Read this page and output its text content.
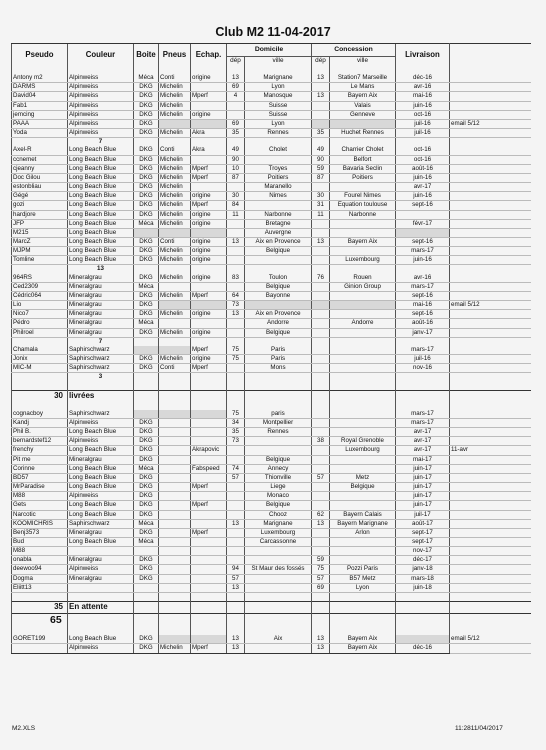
Club M2 11-04-2017
Pseudo	Couleur	Boite	Pneus	Echap.	Domicile		Concession		Livraison	
					dép	ville	dép	ville		

Antony m2	Alpinweiss	Méca	Conti	origine	13	Marignane	13	Station7 Marseille	déc-16	
DARMS	Alpinweiss	DKG	Michelin		69	Lyon		Le Mans	avr-16	
David04	Alpinweiss	DKG	Michelin	Mperf	4	Manosque	13	Bayern Aix	mai-16	
Fab1	Alpinweiss	DKG	Michelin			Suisse		Valais	juin-16	
jemcing	Alpinweiss	DKG	Michelin	origine		Suisse		Genneve	oct-16	
PAAA	Alpinweiss	DKG			69	Lyon			juil-16	email 5/12
Yoda	Alpinweiss	DKG	Michelin	Akra	35	Rennes	35	Huchet Rennes	juil-16	
	7									
Axel-R	Long Beach Blue	DKG	Conti	Akra	49	Cholet	49	Charrier Cholet	oct-16	
ccnemet	Long Beach Blue	DKG	Michelin		90		90	Belfort	oct-16	
cjeanny	Long Beach Blue	DKG	Michelin	Mperf	10	Troyes	59	Bavaria Seclin	août-16	
Doc Gilou	Long Beach Blue	DKG	Michelin	Mperf	87	Poitiers	87	Poitiers	juin-16	
estonbliau	Long Beach Blue	DKG	Michelin			Maranello			avr-17	
Gégé	Long Beach Blue	DKG	Michelin	origine	30	Nimes	30	Fourel Nimes	juin-16	
gozi	Long Beach Blue	DKG	Michelin	Mperf	84		31	Equation toulouse	sept-16	
hardjore	Long Beach Blue	DKG	Michelin	origine	11	Narbonne	11	Narbonne		
JFP	Long Beach Blue	Méca	Michelin	origine		Bretagne			févr-17	
M215	Long Beach Blue					Auvergne				
MarcZ	Long Beach Blue	DKG	Conti	origine	13	Aix en Provence	13	Bayern Aix	sept-16	
MJPM	Long Beach Blue	DKG	Michelin	origine		Belgique			mars-17	
Tomline	Long Beach Blue	DKG	Michelin	origine				Luxembourg	juin-16	
	13									
964RS	Mineralgrau	DKG	Michelin	origine	83	Toulon	76	Rouen	avr-16	
Ced2309	Mineralgrau	Méca				Belgique		Ginion Group	mars-17	
Cédric064	Mineralgrau	DKG	Michelin	Mperf	64	Bayonne			sept-16	
Lio	Mineralgrau	DKG			73				mai-16	email 5/12
Nico7	Mineralgrau	DKG	Michelin	origine	13	Aix en Provence			sept-16	
Pédro	Mineralgrau	Méca				Andorre		Andorre	août-16	
Philroel	Mineralgrau	DKG	Michelin	origine		Belgique			janv-17	
	7									
Chamala	Saphirschwarz			Mperf	75	Paris			mars-17	
Jonix	Saphirschwarz	DKG	Michelin	origine	75	Paris			juil-16	
MIC-M	Saphirschwarz	DKG	Conti	Mperf		Mons			nov-16	
	3									

30	livrées									

cognacboy	Saphirschwarz				75	paris			mars-17	
Kandj	Alpinweiss	DKG			34	Montpellier			mars-17	
Phil B.	Long Beach Blue	DKG			35	Rennes			avr-17	
bernardstef12	Alpinweiss	DKG			73		38	Royal Grenoble	avr-17	
frenchy	Long Beach Blue	DKG		Akrapovic				Luxembourg	avr-17	11-avr
Pit me	Mineralgrau	DKG				Belgique			mai-17	
Corinne	Long Beach Blue	Méca		Fabspeed	74	Annecy			juin-17	
BD57	Long Beach Blue	DKG			57	Thionville	57	Metz	juin-17	
MrParadise	Long Beach Blue	DKG		Mperf		Liege		Belgique	juin-17	
M88	Alpinweiss	DKG				Monaco			juin-17	
Gets	Long Beach Blue	DKG		Mperf		Belgique			juin-17	
Narcotic	Long Beach Blue	DKG				Chooz	62	Bayern Calais	juil-17	
KOOMICHRIS	Saphirschwarz	Méca			13	Marignane	13	Bayern Marignane	août-17	
Benj3573	Mineralgrau	DKG		Mperf		Luxembourg		Arlon	sept-17	
Bud	Long Beach Blue	Méca				Carcassonne			sept-17	
M88									nov-17	
onabla	Mineralgrau	DKG					59		déc-17	
deewoo94	Alpinweiss	DKG			94	St Maur des fossés	75	Pozzi Paris	janv-18	
Dogma	Mineralgrau	DKG			57		57	B57 Metz	mars-18	
Eliitt13					13		69	Lyon	juin-18	

35	En attente									
65										

GORET199	Long Beach Blue	DKG			13	Aix	13	Bayern Aix		email 5/12
	Alpinweiss	DKG	Michelin	Mperf	13		13	Bayern Aix	déc-16	
M2.XLS	11:2811/04/2017
